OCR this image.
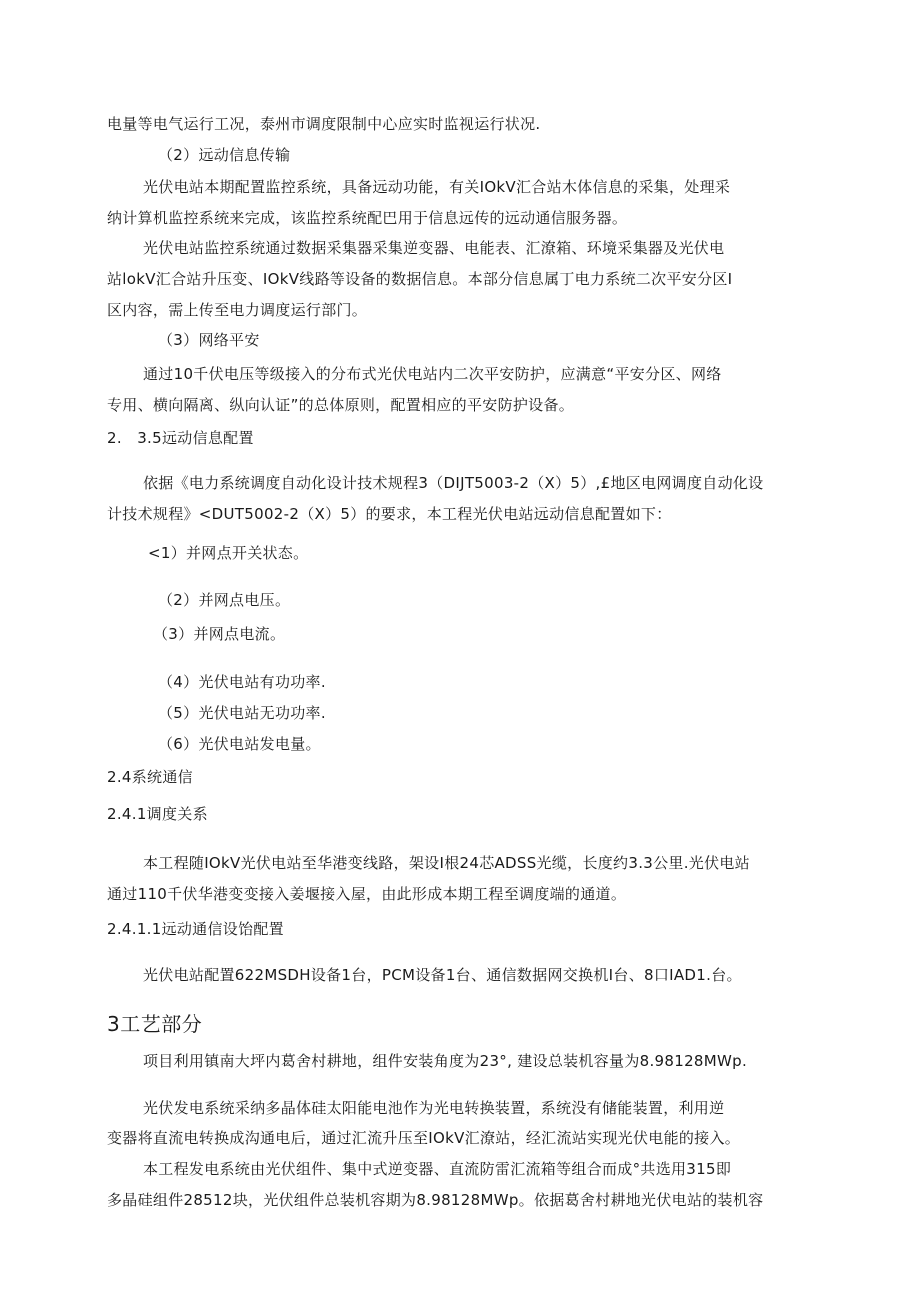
电量等电气运行工况，泰州市调度限制中心应实时监视运行状况.
（2）远动信息传输
光伏电站本期配置监控系统，具备远动功能，有关IOkV汇合站木体信息的采集，处理采
纳计算机监控系统来完成，该监控系统配巴用于信息远传的远动通信服务器。
光伏电站监控系统通过数据采集器采集逆变器、电能表、汇潦箱、环境采集器及光伏电
站lokV汇合站升压变、IOkV线路等设备的数据信息。本部分信息属丁电力系统二次平安分区I
区内容，需上传至电力调度运行部门。
（3）网络平安
通过10千伏电压等级接入的分布式光伏电站内二次平安防护，应满意“平安分区、网络
专用、横向隔离、纵向认证”的总体原则，配置相应的平安防护设备。
2.　3.5远动信息配置
依据《电力系统调度自动化设计技术规程3（DIJT5003-2（X）5）,£地区电网调度自动化设
计技术规程》<DUT5002-2（X）5）的要求，本工程光伏电站远动信息配置如下：
<1）并网点开关状态。
（2）并网点电压。
（3）并网点电流。
（4）光伏电站有功功率.
（5）光伏电站无功功率.
（6）光伏电站发电量。
2.4系统通信
2.4.1调度关系
本工程随IOkV光伏电站至华港变线路，架设I根24芯ADSS光缆，长度约3.3公里.光伏电站
通过110千伏华港变变接入姜堰接入屋，由此形成本期工程至调度端的通道。
2.4.1.1远动通信设饴配置
光伏电站配置622MSDH设备1台，PCM设备1台、通信数据网交换机I台、8口IAD1.台。
3工艺部分
项目利用镇南大坪内葛舍村耕地，组件安装角度为23°, 建设总装机容量为8.98128MWp.
光伏发电系统采纳多晶体硅太阳能电池作为光电转换装置，系统没有储能装置，利用逆
变器将直流电转换成沟通电后，通过汇流升压至IOkV汇潦站，经汇流站实现光伏电能的接入。
本工程发电系统由光伏组件、集中式逆变器、直流防雷汇流箱等组合而成°共选用315即
多晶硅组件28512块，光伏组件总装机容期为8.98128MWp。依据葛舍村耕地光伏电站的装机容
